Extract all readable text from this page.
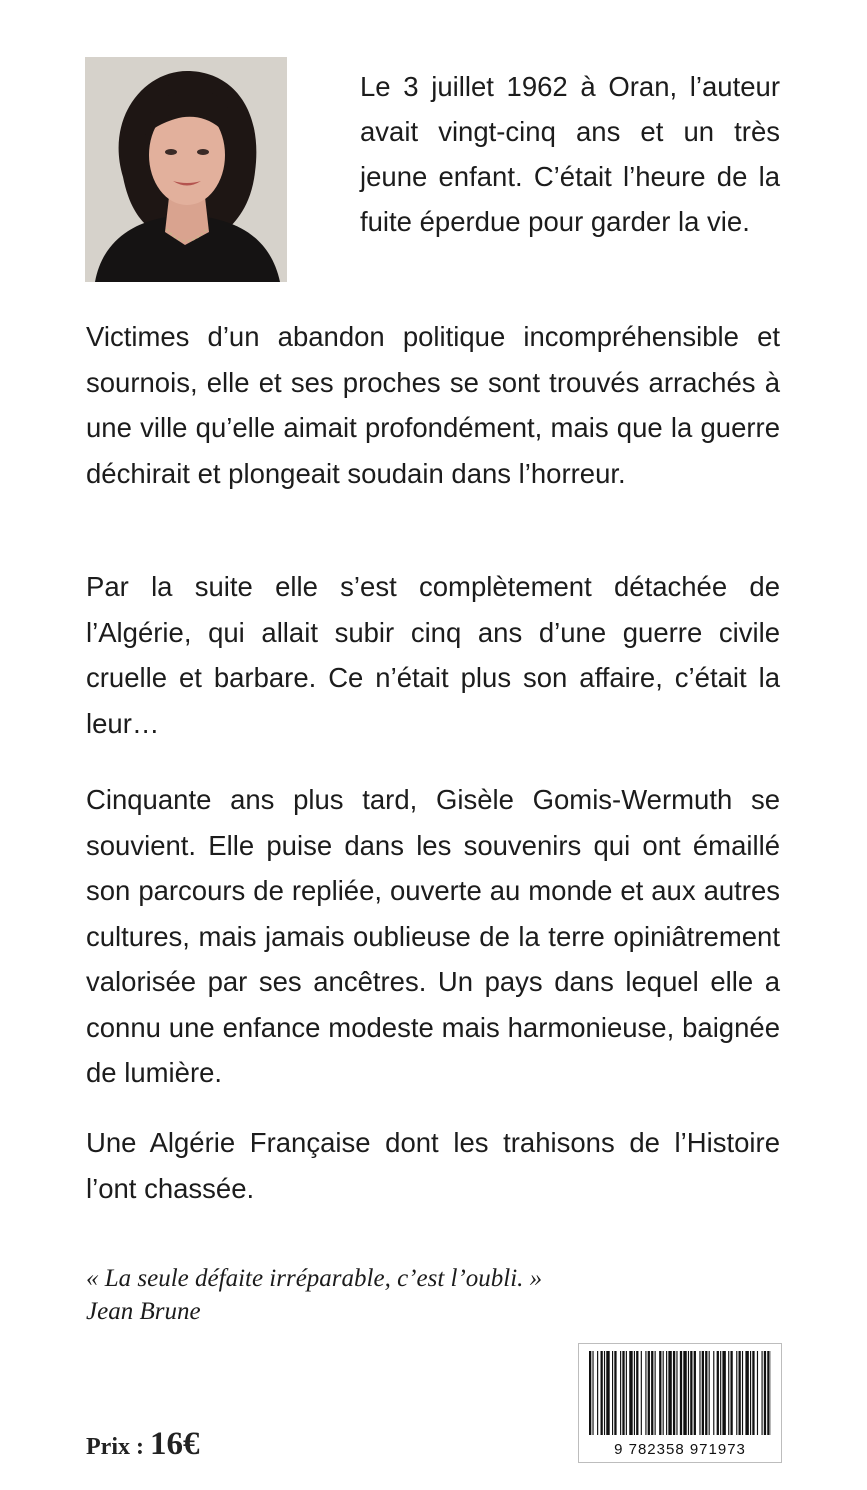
Le 3 juillet 1962 à Oran, l’auteur avait vingt-cinq ans et un très jeune enfant. C’était l’heure de la fuite éperdue pour garder la vie.

Victimes d’un abandon politique incompréhensible et sournois, elle et ses proches se sont trouvés arrachés à une ville qu’elle aimait profondément, mais que la guerre déchirait et plongeait soudain dans l’horreur.

Par la suite elle s’est complètement détachée de l’Algérie, qui allait subir cinq ans d’une guerre civile cruelle et barbare. Ce n’était plus son affaire, c’était la leur…

Cinquante ans plus tard, Gisèle Gomis-Wermuth se souvient. Elle puise dans les souvenirs qui ont émaillé son parcours de repliée, ouverte au monde et aux autres cultures, mais jamais oublieuse de la terre opiniâtrement valorisée par ses ancêtres. Un pays dans lequel elle a connu une enfance modeste mais harmonieuse, baignée de lumière.

Une Algérie Française dont les trahisons de l’Histoire l’ont chassée.

« La seule défaite irréparable, c’est l’oubli. »

Jean Brune

Prix : 16€	9 782358 971973
